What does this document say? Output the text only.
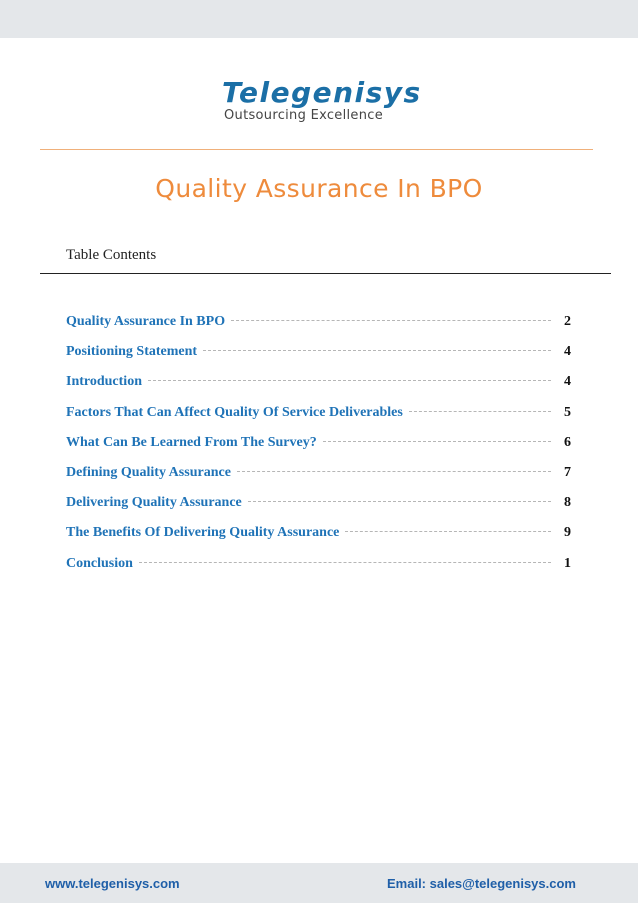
Telegenisys
Outsourcing Excellence
Quality Assurance In BPO
Table Contents
Quality Assurance In BPO	2
Positioning Statement	4
Introduction	4
Factors That Can Affect Quality Of Service Deliverables	5
What Can Be Learned From The Survey?	6
Defining Quality Assurance	7
Delivering Quality Assurance	8
The Benefits Of Delivering Quality Assurance	9
Conclusion	1
www.telegenisys.com	Email: sales@telegenisys.com
